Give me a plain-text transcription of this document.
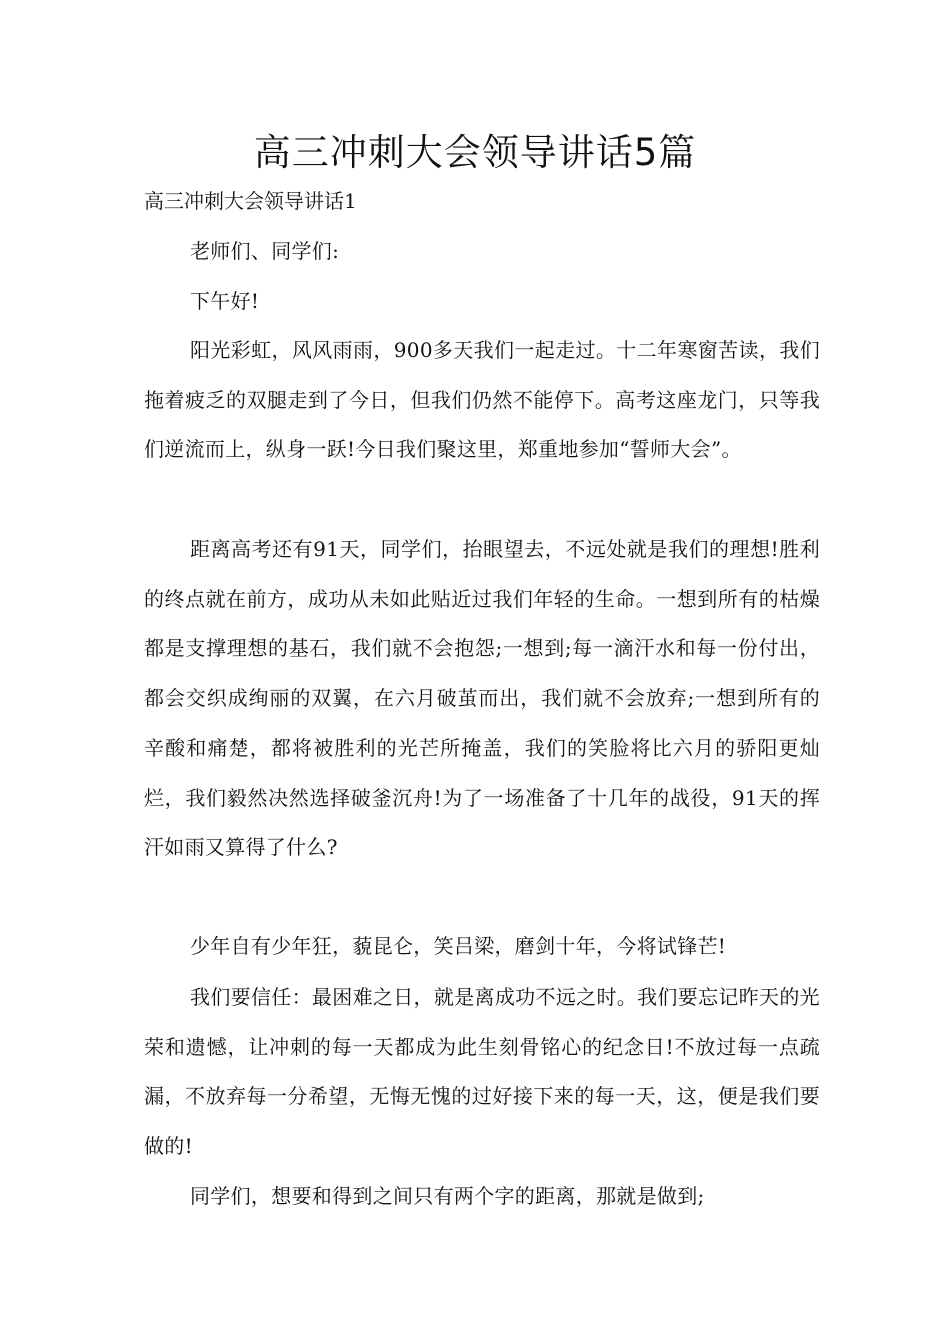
高三冲刺大会领导讲话5篇
高三冲刺大会领导讲话1

老师们、同学们:

下午好!

阳光彩虹，风风雨雨，900多天我们一起走过。十二年寒窗苦读，我们拖着疲乏的双腿走到了今日，但我们仍然不能停下。高考这座龙门，只等我们逆流而上，纵身一跃!今日我们聚这里，郑重地参加“誓师大会”。

距离高考还有91天，同学们，抬眼望去，不远处就是我们的理想!胜利的终点就在前方，成功从未如此贴近过我们年轻的生命。一想到所有的枯燥都是支撑理想的基石，我们就不会抱怨;一想到;每一滴汗水和每一份付出，都会交织成绚丽的双翼，在六月破茧而出，我们就不会放弃;一想到所有的辛酸和痛楚，都将被胜利的光芒所掩盖，我们的笑脸将比六月的骄阳更灿烂，我们毅然决然选择破釜沉舟!为了一场准备了十几年的战役，91天的挥汗如雨又算得了什么?

少年自有少年狂，藐昆仑，笑吕梁，磨剑十年，今将试锋芒!

我们要信任：最困难之日，就是离成功不远之时。我们要忘记昨天的光荣和遗憾，让冲刺的每一天都成为此生刻骨铭心的纪念日!不放过每一点疏漏，不放弃每一分希望，无悔无愧的过好接下来的每一天，这，便是我们要做的!

同学们，想要和得到之间只有两个字的距离，那就是做到;
